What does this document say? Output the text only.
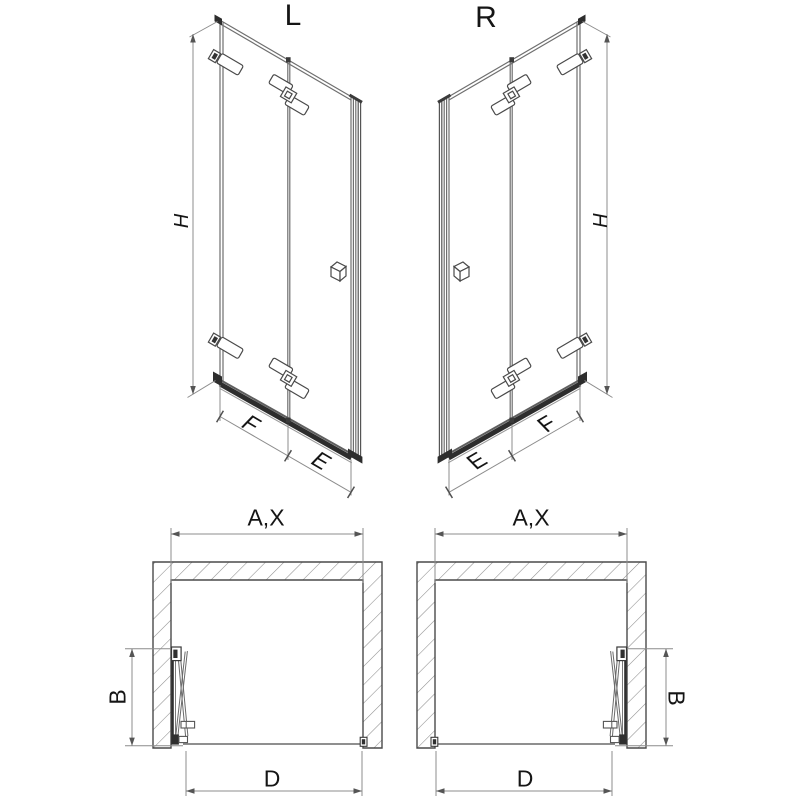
L	R
H	H
F
E
F
E
A,X	A,X
B	B
D	D
